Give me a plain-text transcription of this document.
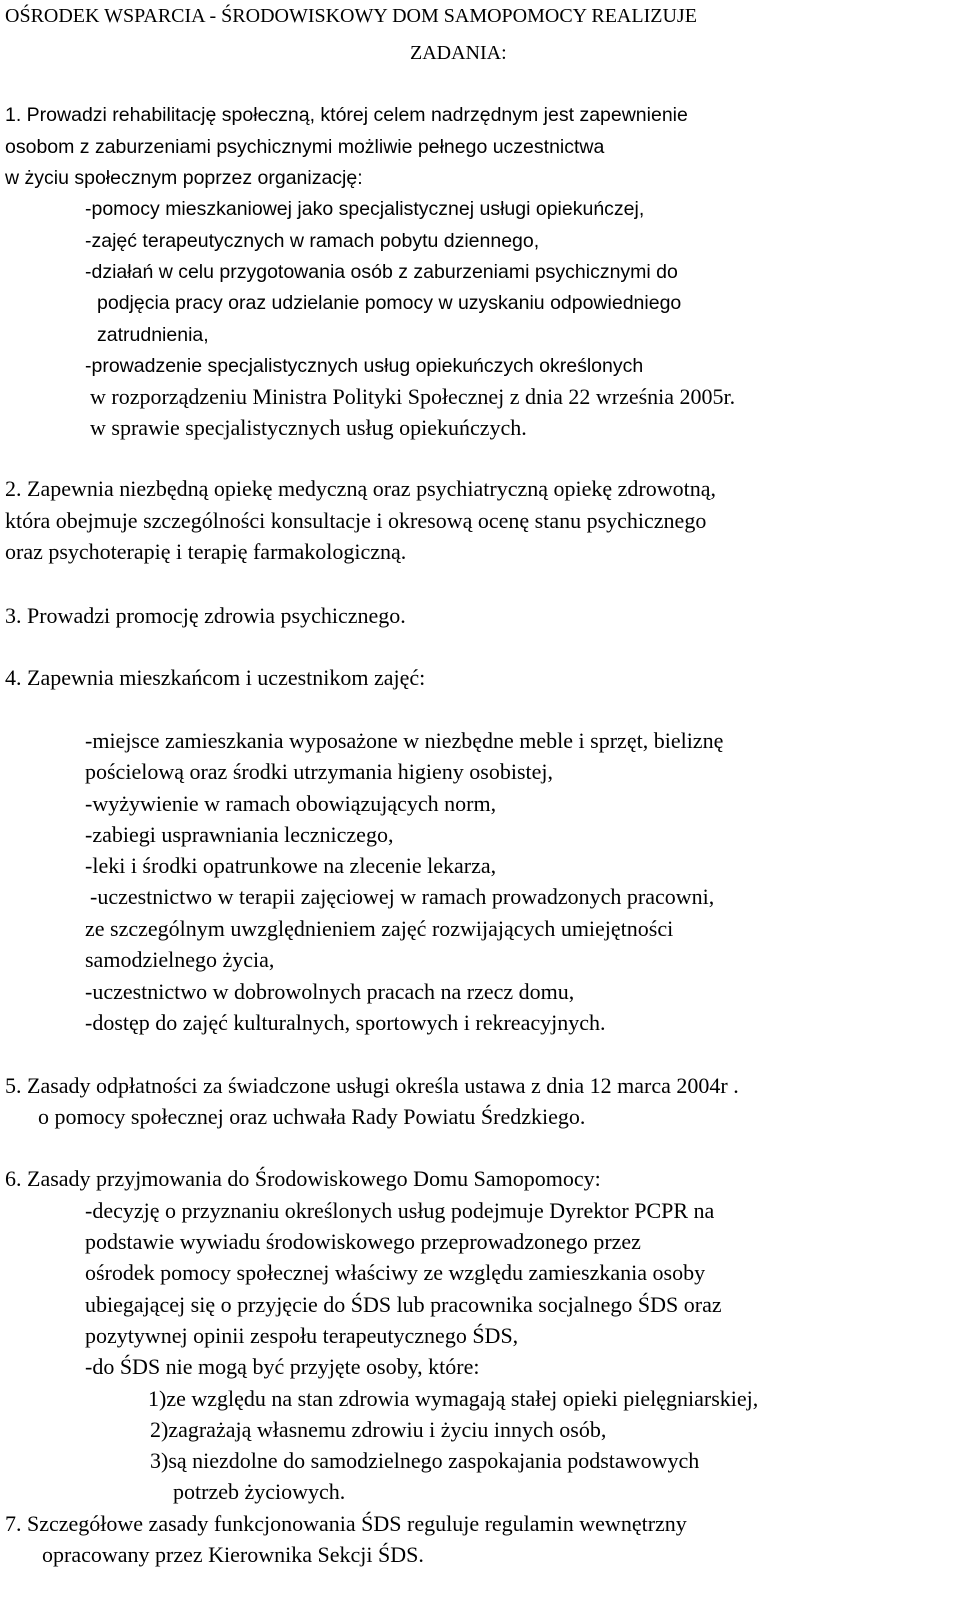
OŚRODEK WSPARCIA - ŚRODOWISKOWY DOM SAMOPOMOCY REALIZUJE
ZADANIA:
1. Prowadzi rehabilitację społeczną, której celem nadrzędnym jest zapewnienie
osobom z zaburzeniami psychicznymi możliwie pełnego uczestnictwa
w życiu społecznym poprzez organizację:
-pomocy mieszkaniowej jako specjalistycznej usługi opiekuńczej,
-zajęć terapeutycznych w ramach pobytu dziennego,
-działań w celu przygotowania osób z zaburzeniami psychicznymi do
podjęcia pracy oraz udzielanie pomocy w uzyskaniu odpowiedniego
zatrudnienia,
-prowadzenie specjalistycznych usług opiekuńczych określonych
w rozporządzeniu Ministra Polityki Społecznej z dnia 22 września 2005r.
w sprawie specjalistycznych usług opiekuńczych.
2. Zapewnia niezbędną opiekę medyczną oraz psychiatryczną opiekę zdrowotną,
która obejmuje szczególności konsultacje i okresową ocenę stanu psychicznego
oraz psychoterapię i terapię farmakologiczną.
3. Prowadzi promocję zdrowia psychicznego.
4. Zapewnia mieszkańcom i uczestnikom zajęć:
-miejsce zamieszkania wyposażone w niezbędne meble i sprzęt, bieliznę
pościelową oraz środki utrzymania higieny osobistej,
-wyżywienie w ramach obowiązujących norm,
-zabiegi usprawniania leczniczego,
-leki i środki opatrunkowe na zlecenie lekarza,
-uczestnictwo w terapii zajęciowej w ramach prowadzonych pracowni,
ze szczególnym uwzględnieniem zajęć rozwijających umiejętności
samodzielnego życia,
-uczestnictwo w dobrowolnych pracach na rzecz domu,
-dostęp do zajęć kulturalnych, sportowych i rekreacyjnych.
5. Zasady odpłatności za świadczone usługi określa ustawa z dnia 12 marca 2004r .
o pomocy społecznej oraz uchwała Rady Powiatu Średzkiego.
6. Zasady przyjmowania do Środowiskowego Domu Samopomocy:
-decyzję o przyznaniu określonych usług podejmuje Dyrektor PCPR na
podstawie wywiadu środowiskowego przeprowadzonego przez
ośrodek pomocy społecznej właściwy ze względu zamieszkania osoby
ubiegającej się o przyjęcie do ŚDS lub pracownika socjalnego ŚDS oraz
pozytywnej opinii zespołu terapeutycznego ŚDS,
-do ŚDS nie mogą być przyjęte osoby, które:
1)ze względu na stan zdrowia wymagają stałej opieki pielęgniarskiej,
2)zagrażają własnemu zdrowiu i życiu innych osób,
3)są niezdolne do samodzielnego zaspokajania podstawowych
potrzeb życiowych.
7. Szczegółowe zasady funkcjonowania ŚDS reguluje regulamin wewnętrzny
opracowany przez Kierownika Sekcji ŚDS.
